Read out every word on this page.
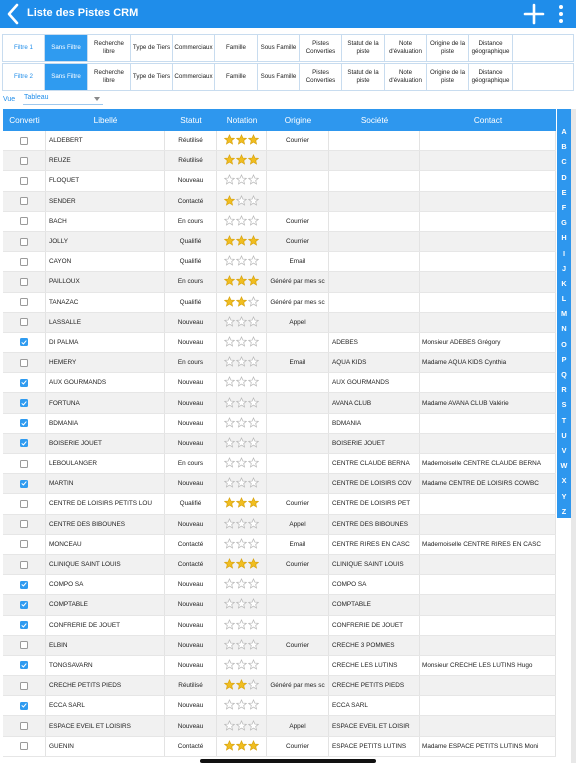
Liste des Pistes CRM
Filtre 1	Sans Filtre
Recherche libre
Type de Tiers Commerciaux	Famille	Sous Famille
Pistes Converties
Statut de la piste
Note d'évaluation
Origine de la piste
Distance géographique
Filtre 2	Sans Filtre
Recherche libre
Type de Tiers Commerciaux	Famille	Sous Famille
Pistes Converties
Statut de la piste
Note d'évaluation
Origine de la piste
Distance géographique
Vue Tableau
Converti	Libellé	Statut	Notation	Origine	Société	Contact
ALDEBERT	Réutilisé	Courrier
REUZE	Réutilisé
FLOQUET	Nouveau
SENDER	Contacté
BACH	En cours	Courrier
JOLLY	Qualifié	Courrier
CAYON	Qualifié	Email
PAILLOUX	En cours	Généré par mes sc
TANAZAC	Qualifié	Généré par mes sc
LASSALLE	Nouveau	Appel
DI PALMA	Nouveau	ADEBES	Monsieur ADEBES Grégory
HEMERY	En cours	Email	AQUA KIDS	Madame AQUA KIDS Cynthia
AUX GOURMANDS	Nouveau	AUX GOURMANDS
FORTUNA	Nouveau	AVANA CLUB	Madame AVANA CLUB Valérie
BDMANIA	Nouveau	BDMANIA
BOISERIE JOUET	Nouveau	BOISERIE JOUET
LEBOULANGER	En cours	CENTRE CLAUDE BERNA	Mademoiselle CENTRE CLAUDE BERNA
MARTIN	Nouveau	CENTRE DE LOISIRS COV	Madame CENTRE DE LOISIRS COWBC
CENTRE DE LOISIRS PETITS LOU	Qualifié	Courrier	CENTRE DE LOISIRS PET
CENTRE DES BIBOUNES	Nouveau	Appel	CENTRE DES BIBOUNES
MONCEAU	Contacté	Email	CENTRE RIRES EN CASC	Mademoiselle CENTRE RIRES EN CASC
CLINIQUE SAINT LOUIS	Contacté	Courrier	CLINIQUE SAINT LOUIS
COMPO SA	Nouveau	COMPO SA
COMPTABLE	Nouveau	COMPTABLE
CONFRERIE DE JOUET	Nouveau	CONFRERIE DE JOUET
ELBIN	Nouveau	Courrier	CRECHE 3 POMMES
TONGSAVARN	Nouveau	CRECHE LES LUTINS	Monsieur CRECHE LES LUTINS Hugo
CRECHE PETITS PIEDS	Réutilisé	Généré par mes sc	CRECHE PETITS PIEDS
ECCA SARL	Nouveau	ECCA SARL
ESPACE EVEIL ET LOISIRS	Nouveau	Appel	ESPACE EVEIL ET LOISIR
GUENIN	Contacté	Courrier	ESPACE PETITS LUTINS	Madame ESPACE PETITS LUTINS Moni
A
B
C
D
E
F
G
H
I
J
K
L
M
N
O
P
Q
R
S
T
U
V
W
X
Y
Z
